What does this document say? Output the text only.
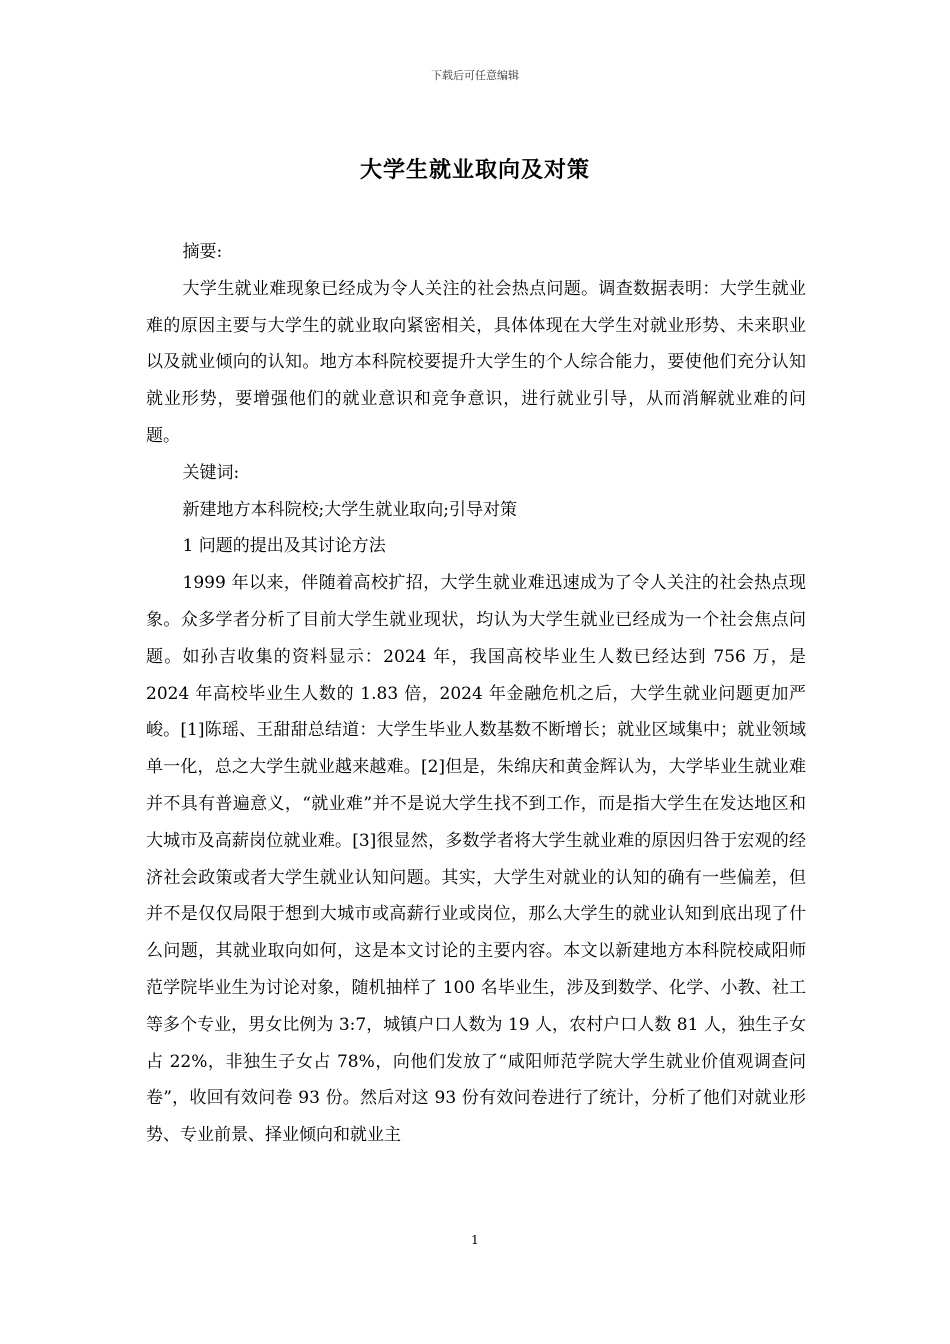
下载后可任意编辑
大学生就业取向及对策

摘要:

大学生就业难现象已经成为令人关注的社会热点问题。调查数据表明：大学生就业难的原因主要与大学生的就业取向紧密相关，具体体现在大学生对就业形势、未来职业以及就业倾向的认知。地方本科院校要提升大学生的个人综合能力，要使他们充分认知就业形势，要增强他们的就业意识和竞争意识，进行就业引导，从而消解就业难的问题。

关键词:

新建地方本科院校;大学生就业取向;引导对策

1 问题的提出及其讨论方法

1999 年以来，伴随着高校扩招，大学生就业难迅速成为了令人关注的社会热点现象。众多学者分析了目前大学生就业现状，均认为大学生就业已经成为一个社会焦点问题。如孙吉收集的资料显示：2024 年，我国高校毕业生人数已经达到 756 万，是 2024 年高校毕业生人数的 1.83 倍，2024 年金融危机之后，大学生就业问题更加严峻。[1]陈瑶、王甜甜总结道：大学生毕业人数基数不断增长；就业区域集中；就业领域单一化，总之大学生就业越来越难。[2]但是，朱绵庆和黄金辉认为，大学毕业生就业难并不具有普遍意义，“就业难”并不是说大学生找不到工作，而是指大学生在发达地区和大城市及高薪岗位就业难。[3]很显然，多数学者将大学生就业难的原因归咎于宏观的经济社会政策或者大学生就业认知问题。其实，大学生对就业的认知的确有一些偏差，但并不是仅仅局限于想到大城市或高薪行业或岗位，那么大学生的就业认知到底出现了什么问题，其就业取向如何，这是本文讨论的主要内容。本文以新建地方本科院校咸阳师范学院毕业生为讨论对象，随机抽样了 100 名毕业生，涉及到数学、化学、小教、社工等多个专业，男女比例为 3:7，城镇户口人数为 19 人，农村户口人数 81 人，独生子女占 22%，非独生子女占 78%，向他们发放了“咸阳师范学院大学生就业价值观调查问卷”，收回有效问卷 93 份。然后对这 93 份有效问卷进行了统计，分析了他们对就业形势、专业前景、择业倾向和就业主

1
